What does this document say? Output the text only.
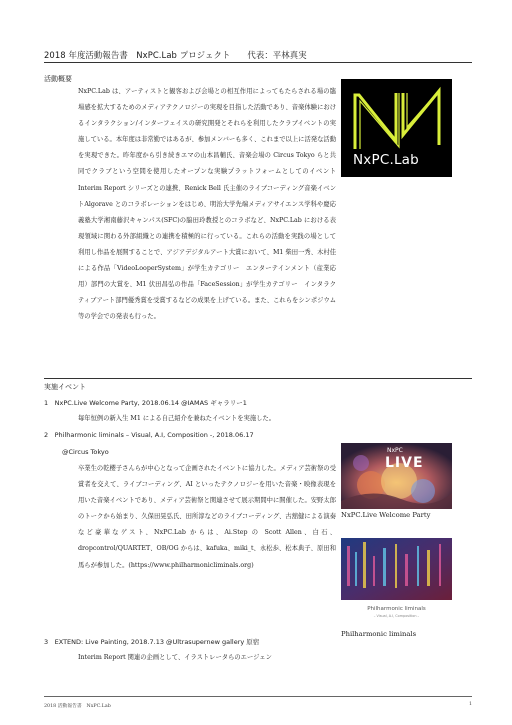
2018 年度活動報告書　NxPC.Lab プロジェクト　　代表：平林真実
活動概要
NxPC.Lab は、アーティストと観客および会場との相互作用によってもたらされる場の臨場感を拡大するためのメディアテクノロジーの実現を目指した活動であり、音楽体験におけるインタラクション/インターフェイスの研究開発とそれらを利用したクラブイベントの実施している。本年度は非常勤ではあるが、参加メンバーも多く、これまで以上に活発な活動を実現できた。昨年度から引き続きエマの山本昌輔氏、音楽会場の Circus Tokyo らと共同でクラブという空間を使用したオープンな実験プラットフォームとしてのイベント Interim Report シリーズとの連携、Renick Bell 氏主催のライブコーディング音楽イベントAlgorave とのコラボレーションをはじめ、明治大学先端メディアサイエンス学科や慶応義塾大学湘南藤沢キャンパス(SFC)の脇田玲教授とのコラボなど、NxPC.Lab における表現領域に関わる外部組織との連携を積極的に行っている。これらの活動を実践の場として利用し作品を展開することで、アジアデジタルアート大賞において、M1 柴田一秀、木村佳による作品「VideoLooperSystem」が学生カテゴリー　エンターテインメント（産業応用）部門の大賞を、M1 伏田昌弘の作品「FaceSession」が学生カテゴリー　インタラクティブアート部門優秀賞を受賞するなどの成果を上げている。また、これらをシンポジウム等の学会での発表も行った。
実施イベント
1　NxPC.Live Welcome Party, 2018.06.14 @IAMAS ギャラリー1
毎年恒例の新入生 M1 による自己紹介を兼ねたイベントを実施した。
2　Philharmonic liminals – Visual, A.I, Composition -, 2018.06.17
@Circus Tokyo
卒業生の乾櫻子さんらが中心となって企画されたイベントに協力した。メディア芸術祭の受賞者を交えて、ライブコーディング、AI といったテクノロジーを用いた音楽・映像表現を用いた音楽イベントであり、メディア芸術祭と関連させて展示期間中に開催した。安野太郎のトークから始まり、久保田晃弘氏、田所淳などのライブコーディング、古舘健による演奏など豪華なゲスト、NxPC.Lab からは、Ai.Step の Scott Allen、白石、dropcontrol/QUARTET、OB/OG からは、kafuka、miki_t、永松歩、松本典子、原田和馬らが参加した。(https://www.philharmonicliminals.org)
3　EXTEND: Live Painting, 2018.7.13 @Ultrasupernew gallery 原宿
Interim Report 関連の企画として、イラストレータらのエージェン
NxPC.Lab
NxPC
LIVE
NxPC.Live Welcome Party
Philharmonic liminals
– Visual, A.I, Composition –
Philharmonic liminals
2018 活動報告書　NxPC.Lab	1
